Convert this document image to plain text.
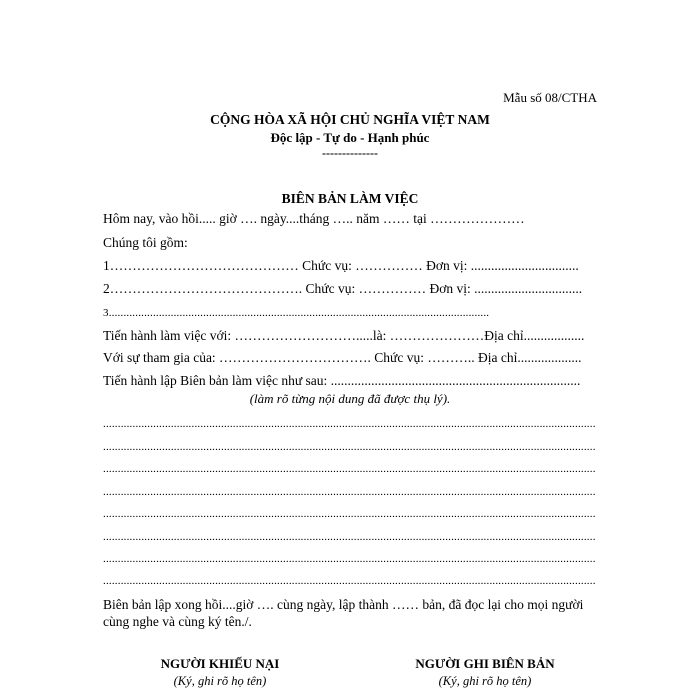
Mẫu số 08/CTHA
CỘNG HÒA XÃ HỘI CHỦ NGHĨA VIỆT NAM
Độc lập - Tự do - Hạnh phúc
--------------
BIÊN BẢN LÀM VIỆC
Hôm nay, vào hồi..... giờ …. ngày....tháng ….. năm …… tại …………………
Chúng tôi gồm:
1…………………………………… Chức vụ: …………… Đơn vị: ................................
2……………………………………. Chức vụ: …………… Đơn vị: ................................
3.................................................................................................................................
Tiến hành làm việc với: ……………………….....là: …………………Địa chỉ..................
Với sự tham gia của: ……………………………. Chức vụ: ……….. Địa chỉ...................
Tiến hành lập Biên bản làm việc như sau: ..........................................................................
(làm rõ từng nội dung đã được thụ lý).
.......................................................................................................................................................................
.......................................................................................................................................................................
.......................................................................................................................................................................
.......................................................................................................................................................................
.......................................................................................................................................................................
.......................................................................................................................................................................
.......................................................................................................................................................................
.......................................................................................................................................................................
Biên bản lập xong hồi....giờ …. cùng ngày, lập thành …… bản, đã đọc lại cho mọi người
cùng nghe và cùng ký tên./.
NGƯỜI KHIẾU NẠI
(Ký, ghi rõ họ tên)
NGƯỜI GHI BIÊN BẢN
(Ký, ghi rõ họ tên)
